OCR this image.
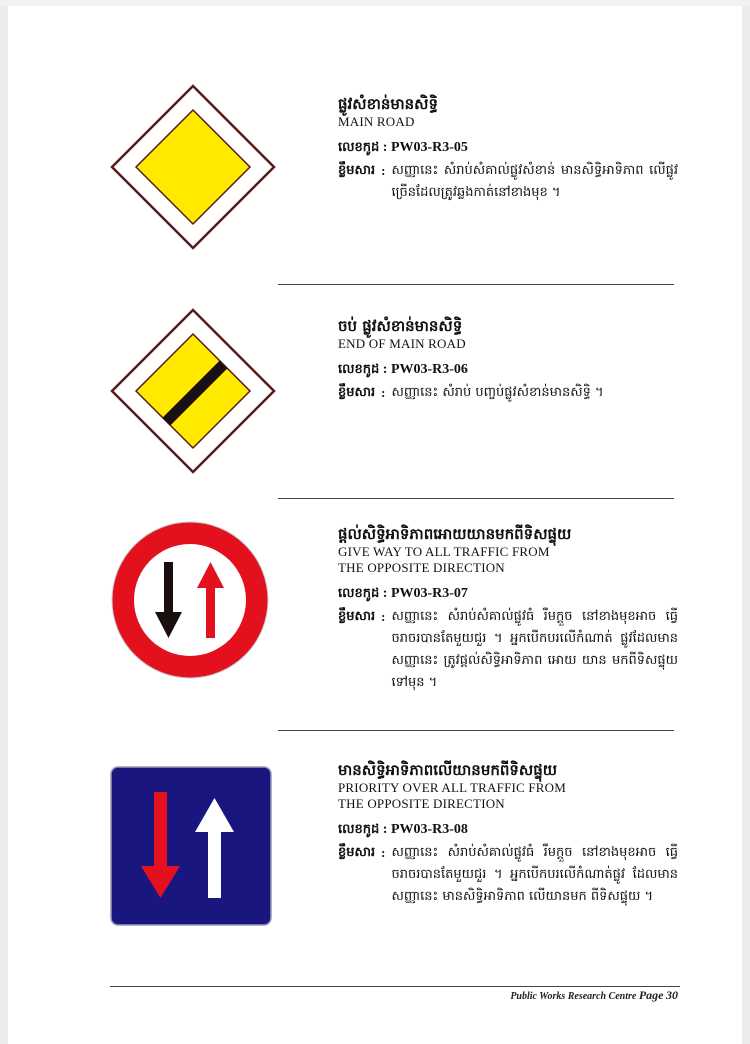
ផ្លូវសំខាន់មានសិទ្ធិ
MAIN ROAD
លេខកូដ : PW03-R3-05
ខ្លឹមសារ : សញ្ញានេះ សំរាប់សំគាល់ផ្លូវសំខាន់ មានសិទ្ធិអាទិភាព លើផ្លូវច្រើនដែលត្រូវឆ្លងកាត់នៅខាងមុខ ។
ចប់ ផ្លូវសំខាន់មានសិទ្ធិ
END OF MAIN ROAD
លេខកូដ : PW03-R3-06
ខ្លឹមសារ : សញ្ញានេះ សំរាប់ បញ្ចប់ផ្លូវសំខាន់មានសិទ្ធិ ។
ផ្តល់សិទ្ធិអាទិភាពអោយយានមកពីទិសផ្ទុយ
GIVE WAY TO ALL TRAFFIC FROM
THE OPPOSITE DIRECTION
លេខកូដ : PW03-R3-07
ខ្លឹមសារ : សញ្ញានេះ សំរាប់សំគាល់ផ្លូវធំ រឺមក្តួច នៅខាងមុខអាច ធ្វើចរាចរបានតែមួយជួរ ។ អ្នកបើកបរលើកំណាត់ ផ្លូវដែលមានសញ្ញានេះ ត្រូវផ្តល់សិទ្ធិអាទិភាព អោយ យាន មកពីទិសផ្ទុយទៅមុន ។
មានសិទ្ធិអាទិភាពលើយានមកពីទិសផ្ទុយ
PRIORITY OVER ALL TRAFFIC FROM
THE OPPOSITE DIRECTION
លេខកូដ : PW03-R3-08
ខ្លឹមសារ : សញ្ញានេះ សំរាប់សំគាល់ផ្លូវធំ រឺមក្តួច នៅខាងមុខអាច ធ្វើចរាចរបានតែមួយជួរ ។ អ្នកបើកបរលើកំណាត់ផ្លូវ ដែលមានសញ្ញានេះ មានសិទ្ធិអាទិភាព លើយានមក ពីទិសផ្ទុយ ។
Public Works Research Centre Page 30
